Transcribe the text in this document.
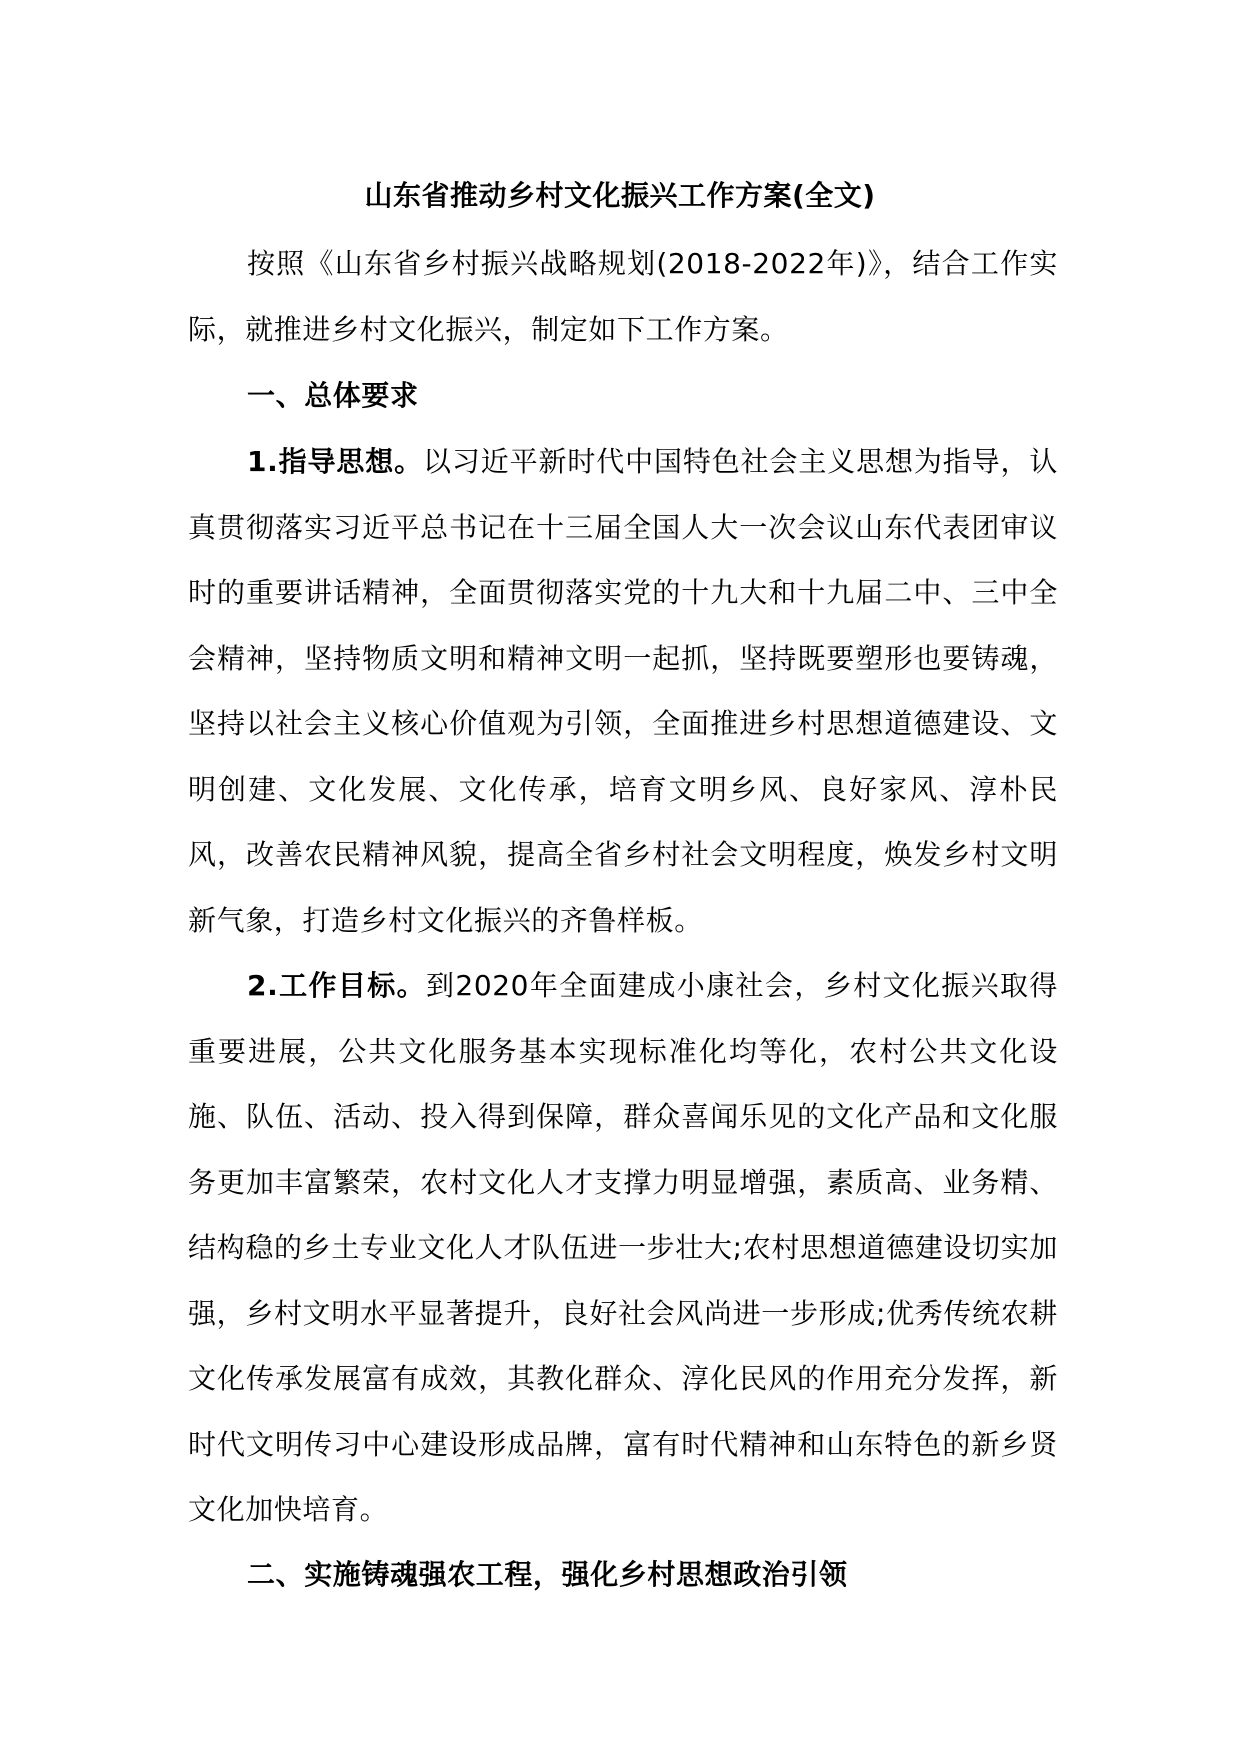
山东省推动乡村文化振兴工作方案(全文)

按照《山东省乡村振兴战略规划(2018-2022年)》，结合工作实际，就推进乡村文化振兴，制定如下工作方案。

一、总体要求

1.指导思想。以习近平新时代中国特色社会主义思想为指导，认真贯彻落实习近平总书记在十三届全国人大一次会议山东代表团审议时的重要讲话精神，全面贯彻落实党的十九大和十九届二中、三中全会精神，坚持物质文明和精神文明一起抓，坚持既要塑形也要铸魂，坚持以社会主义核心价值观为引领，全面推进乡村思想道德建设、文明创建、文化发展、文化传承，培育文明乡风、良好家风、淳朴民风，改善农民精神风貌，提高全省乡村社会文明程度，焕发乡村文明新气象，打造乡村文化振兴的齐鲁样板。

2.工作目标。到2020年全面建成小康社会，乡村文化振兴取得重要进展，公共文化服务基本实现标准化均等化，农村公共文化设施、队伍、活动、投入得到保障，群众喜闻乐见的文化产品和文化服务更加丰富繁荣，农村文化人才支撑力明显增强，素质高、业务精、结构稳的乡土专业文化人才队伍进一步壮大;农村思想道德建设切实加强，乡村文明水平显著提升，良好社会风尚进一步形成;优秀传统农耕文化传承发展富有成效，其教化群众、淳化民风的作用充分发挥，新时代文明传习中心建设形成品牌，富有时代精神和山东特色的新乡贤文化加快培育。

二、实施铸魂强农工程，强化乡村思想政治引领
